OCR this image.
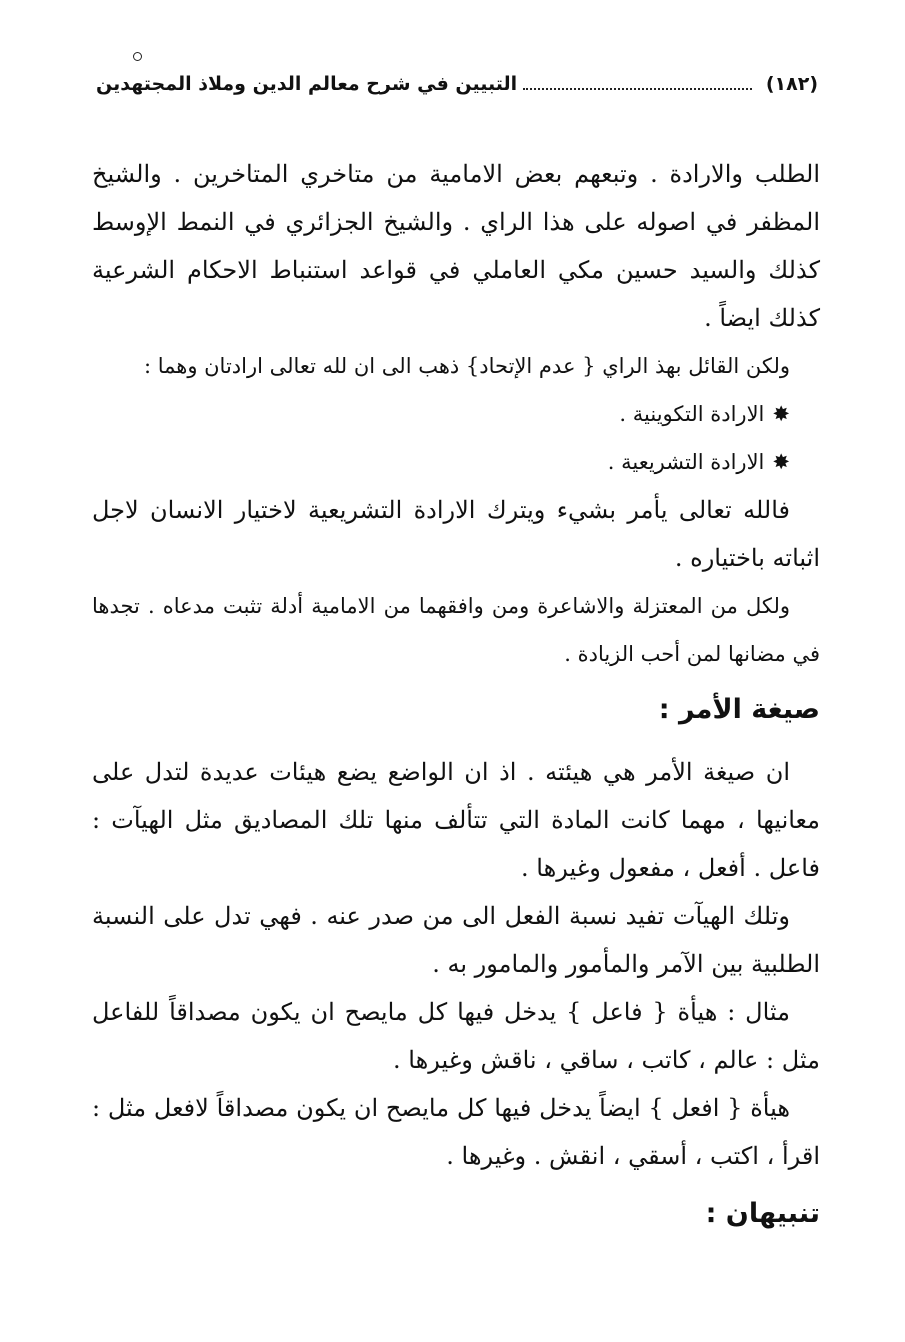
(١٨٢)
التبيين في شرح معالم الدين وملاذ المجتهدين

الطلب والارادة . وتبعهم بعض الامامية من متاخري المتاخرين . والشيخ المظفر في اصوله على هذا الراي . والشيخ الجزائري في النمط الإوسط كذلك والسيد حسين مكي العاملي في قواعد استنباط الاحكام الشرعية كذلك ايضاً .

ولكن القائل بهذ الراي { عدم الإتحاد} ذهب الى ان لله تعالى ارادتان وهما :

✸الارادة التكوينية .

✸الارادة التشريعية .

فالله تعالى يأمر بشيء ويترك الارادة التشريعية لاختيار الانسان لاجل اثباته باختياره .

ولكل من المعتزلة والاشاعرة ومن وافقهما من الامامية أدلة تثبت مدعاه . تجدها في مضانها لمن أحب الزيادة .

صيغة الأمر :

ان صيغة الأمر هي هيئته . اذ ان الواضع يضع هيئات عديدة لتدل على معانيها ، مهما كانت المادة التي تتألف منها تلك المصاديق مثل الهيآت : فاعل . أفعل ، مفعول وغيرها .

وتلك الهيآت تفيد نسبة الفعل الى من صدر عنه . فهي تدل على النسبة الطلبية بين الآمر والمأمور والمامور به .

مثال : هيأة { فاعل } يدخل فيها كل مايصح ان يكون مصداقاً للفاعل مثل : عالم ، كاتب ، ساقي ، ناقش وغيرها .

هيأة { افعل } ايضاً يدخل فيها كل مايصح ان يكون مصداقاً لافعل مثل : اقرأ ، اكتب ، أسقي ، انقش . وغيرها .

تنبيهان :
